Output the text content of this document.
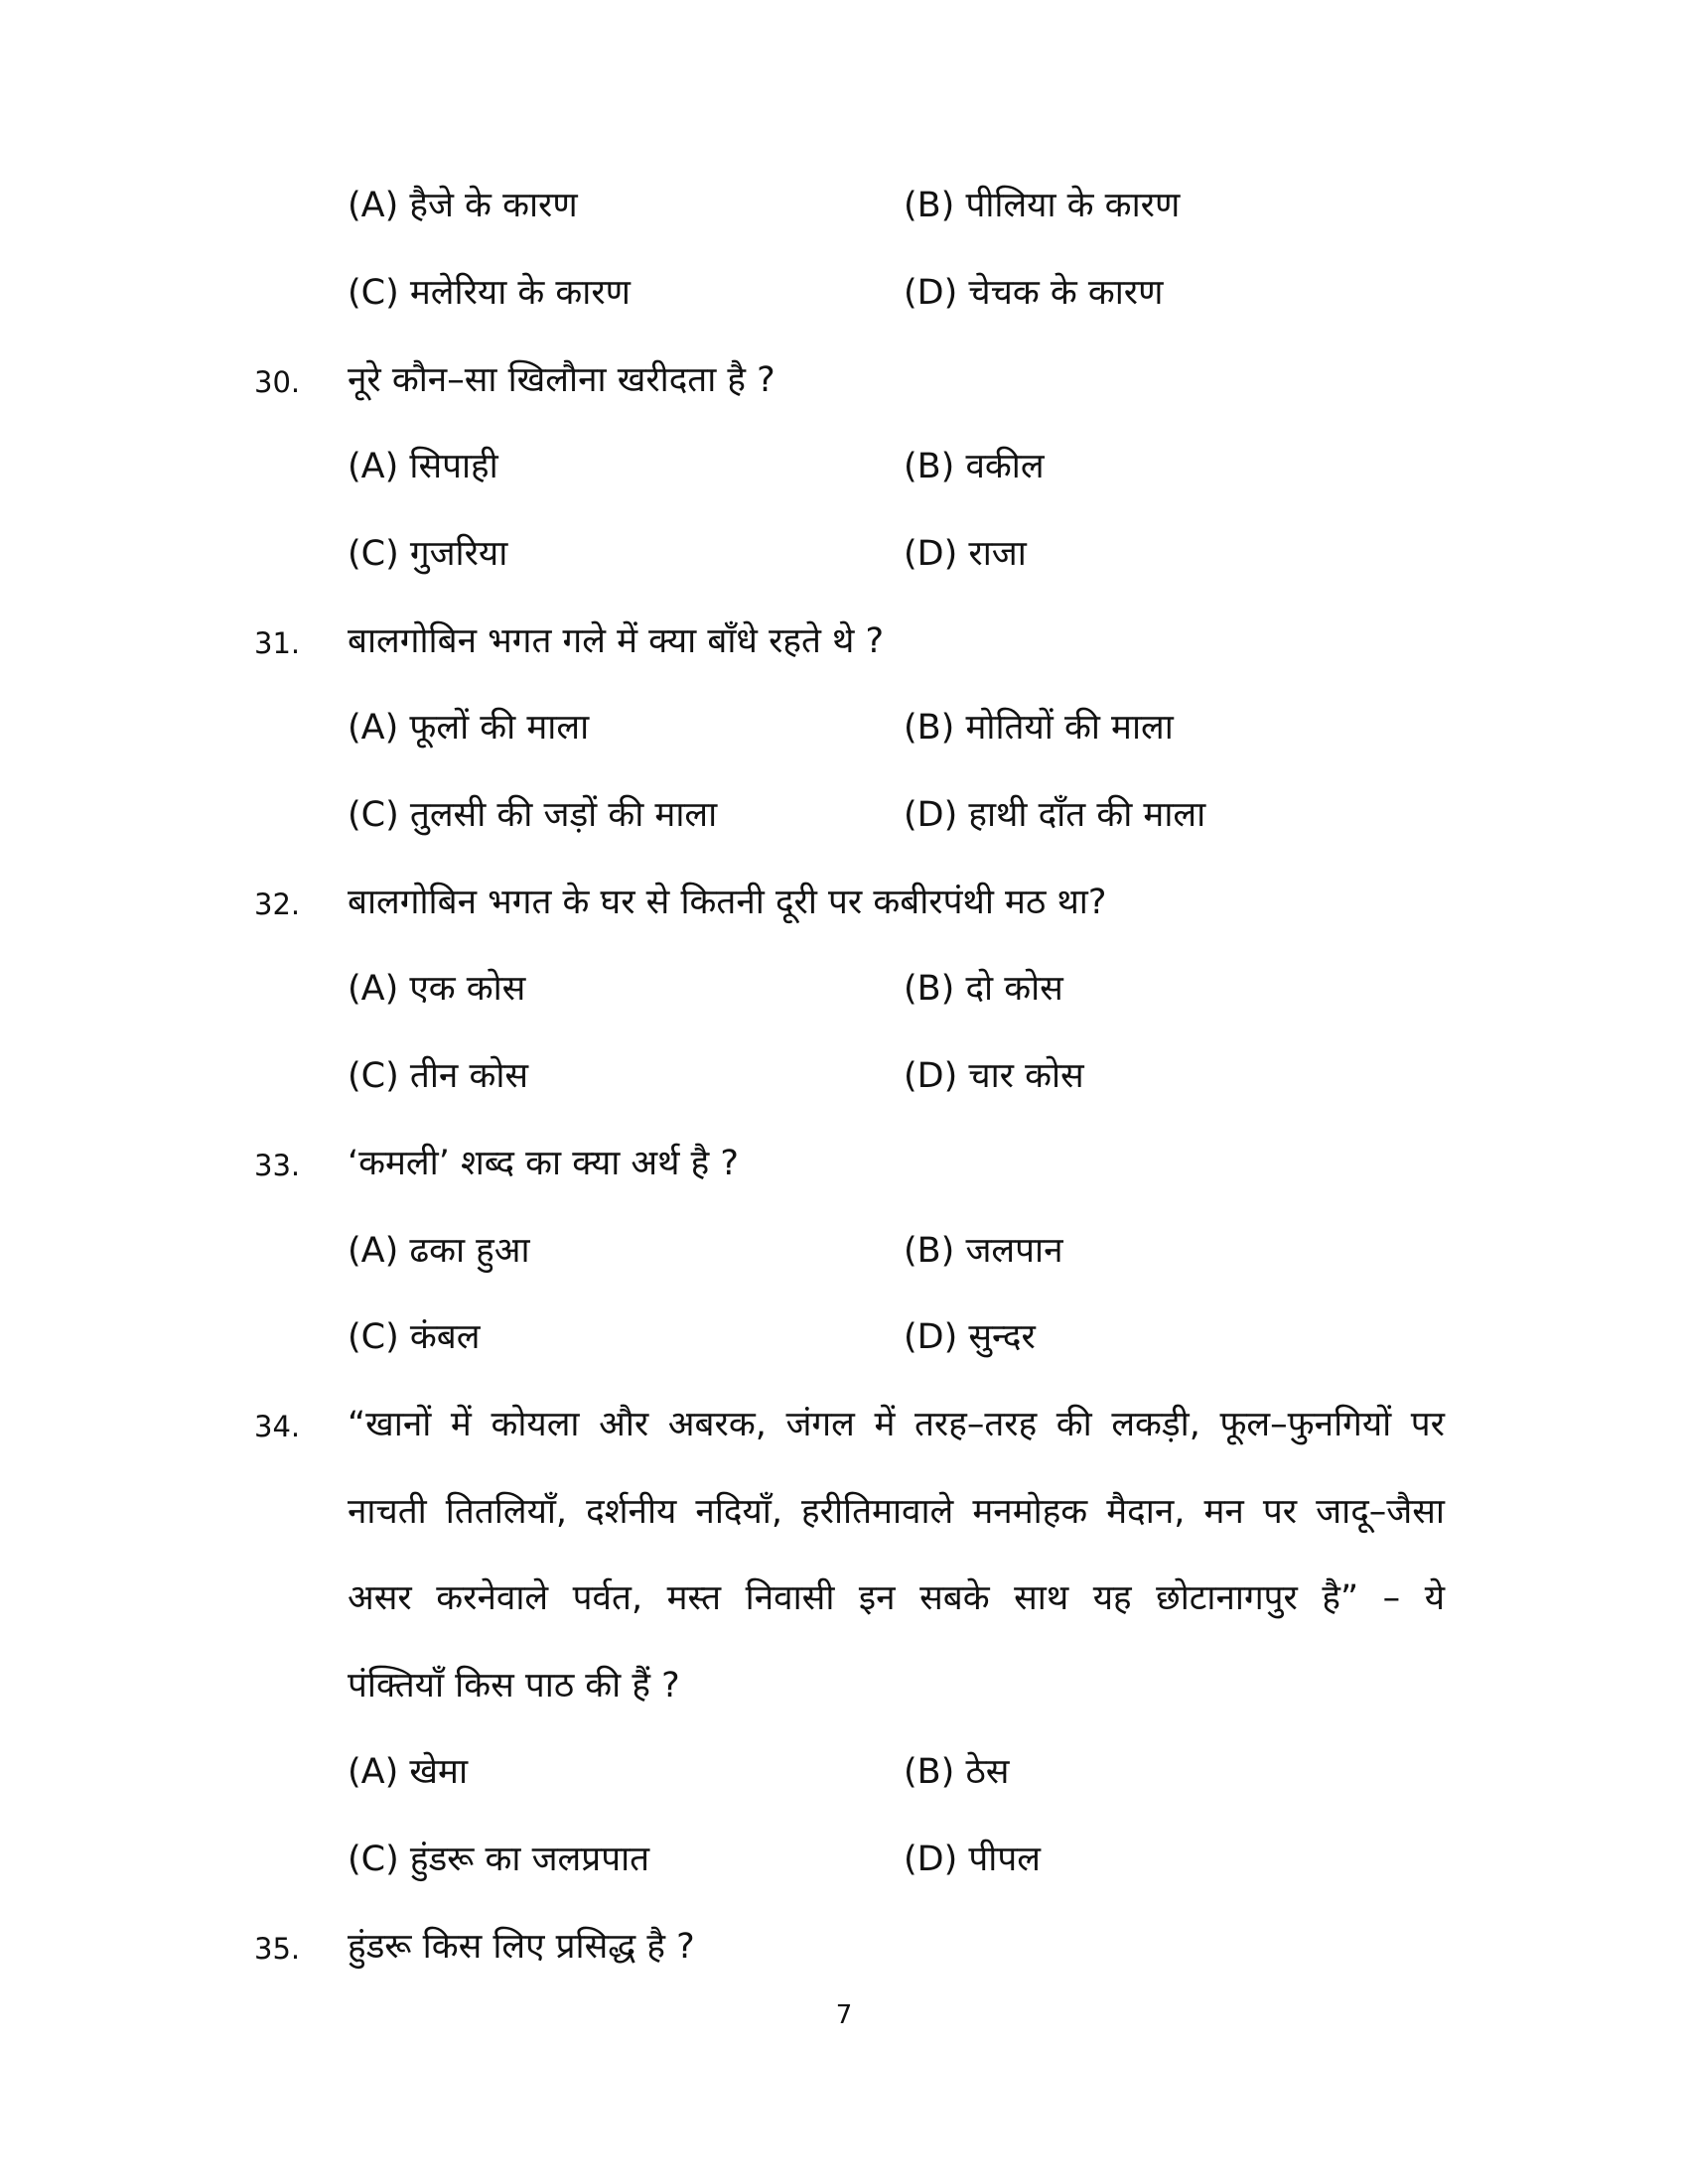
(A) हैजे के कारण	(B) पीलिया के कारण
(C) मलेरिया के कारण	(D) चेचक के कारण
30. नूरे कौन–सा खिलौना खरीदता है ?
(A) सिपाही	(B) वकील
(C) गुजरिया	(D) राजा
31. बालगोबिन भगत गले में क्या बाँधे रहते थे ?
(A) फूलों की माला	(B) मोतियों की माला
(C) तुलसी की जड़ों की माला	(D) हाथी दाँत की माला
32. बालगोबिन भगत के घर से कितनी दूरी पर कबीरपंथी मठ था?
(A) एक कोस	(B) दो कोस
(C) तीन कोस	(D) चार कोस
33. ‘कमली’ शब्द का क्या अर्थ है ?
(A) ढका हुआ	(B) जलपान
(C) कंबल	(D) सुन्दर
34. “खानों में कोयला और अबरक, जंगल में तरह–तरह की लकड़ी, फूल–फुनगियों पर
नाचती तितलियाँ, दर्शनीय नदियाँ, हरीतिमावाले मनमोहक मैदान, मन पर जादू–जैसा
असर करनेवाले पर्वत, मस्त निवासी इन सबके साथ यह छोटानागपुर है” – ये
पंक्तियाँ किस पाठ की हैं ?
(A) खेमा	(B) ठेस
(C) हुंडरू का जलप्रपात	(D) पीपल
35. हुंडरू किस लिए प्रसिद्ध है ?
7
